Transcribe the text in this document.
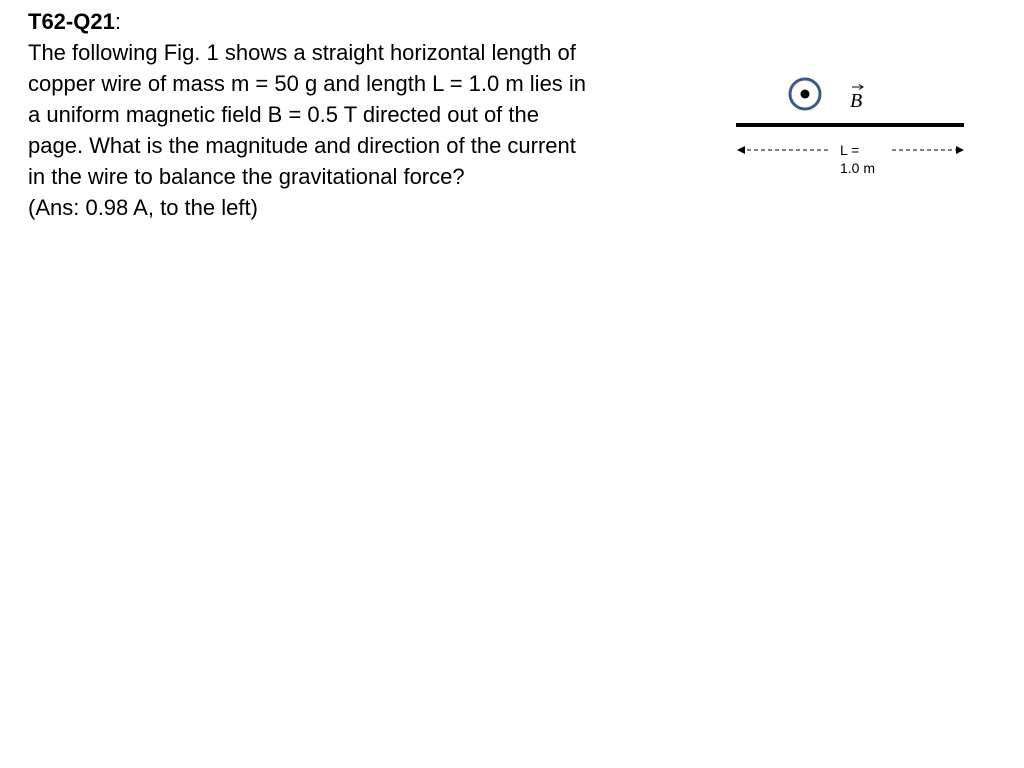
T62-Q21:
The following Fig. 1 shows a straight horizontal length of
copper wire of mass m = 50 g and length L = 1.0 m lies in
a uniform magnetic field B = 0.5 T directed out of the
page. What is the magnitude and direction of the current
in the wire to balance the gravitational force?
(Ans: 0.98 A, to the left)
B
L =
1.0 m
